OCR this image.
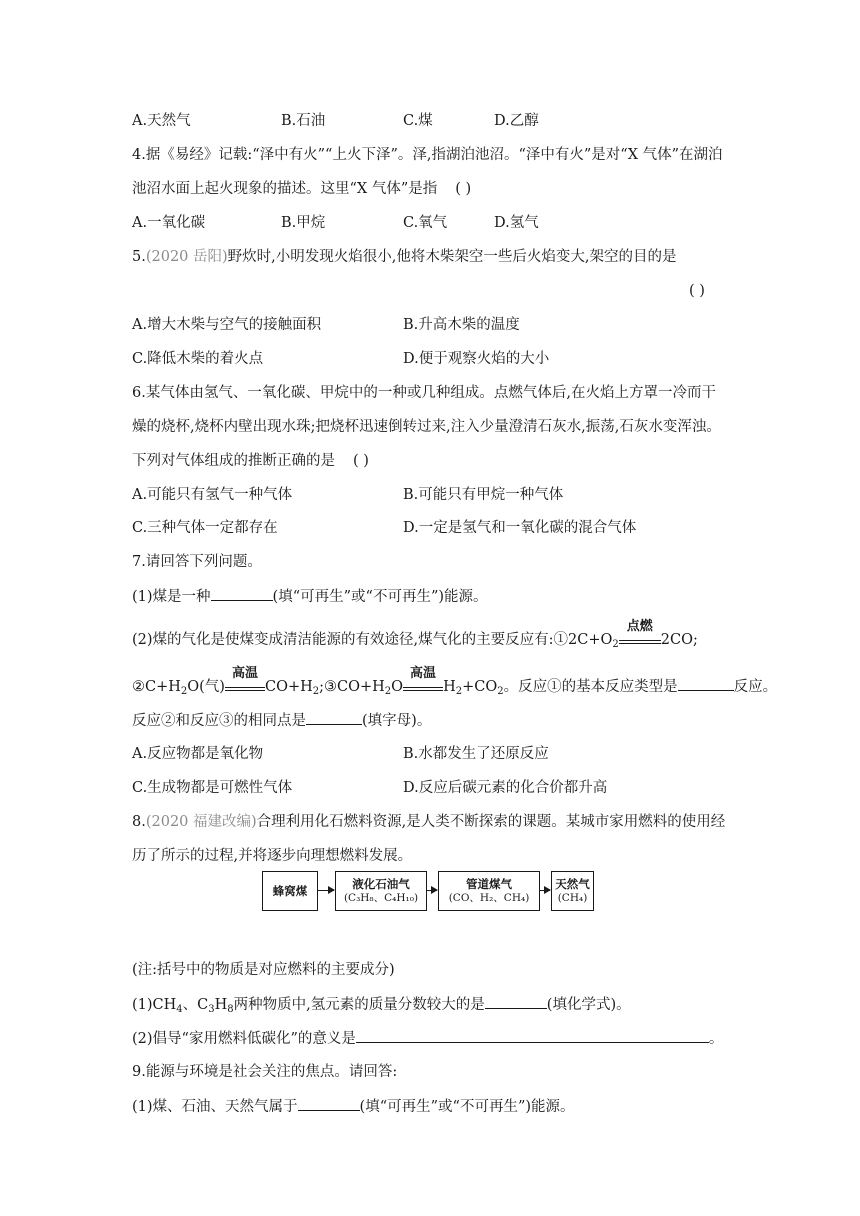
A.天然气	B.石油	C.煤	D.乙醇
4.据《易经》记载:“泽中有火”“上火下泽”。泽,指湖泊池沼。“泽中有火”是对“X 气体”在湖泊
池沼水面上起火现象的描述。这里“X 气体”是指 ( )
A.一氧化碳	B.甲烷	C.氧气	D.氢气
5.(2020 岳阳)野炊时,小明发现火焰很小,他将木柴架空一些后火焰变大,架空的目的是
( )
A.增大木柴与空气的接触面积	B.升高木柴的温度
C.降低木柴的着火点	D.便于观察火焰的大小
6.某气体由氢气、一氧化碳、甲烷中的一种或几种组成。点燃气体后,在火焰上方罩一冷而干
燥的烧杯,烧杯内壁出现水珠;把烧杯迅速倒转过来,注入少量澄清石灰水,振荡,石灰水变浑浊。
下列对气体组成的推断正确的是 ( )
A.可能只有氢气一种气体	B.可能只有甲烷一种气体
C.三种气体一定都存在	D.一定是氢气和一氧化碳的混合气体
7.请回答下列问题。
(1)煤是一种	(填“可再生”或“不可再生”)能源。
(2)煤的气化是使煤变成清洁能源的有效途径,煤气化的主要反应有$:①2C+O_2$
点燃
2CO;
$②C+H_2O$(气)
高温
$CO+H_2;③CO+H_2O$
高温
$H_2+CO_2$。反应①的基本反应类型是	反应。
反应②和反应③的相同点是	(填字母)。
A.反应物都是氧化物	B.水都发生了还原反应
C.生成物都是可燃性气体	D.反应后碳元素的化合价都升高
8.(2020 福建改编)合理利用化石燃料资源,是人类不断探索的课题。某城市家用燃料的使用经
历了所示的过程,并将逐步向理想燃料发展。
蜂窝煤	液化石油气
(C₃H₈、C₄H₁₀)
管道煤气
(CO、H₂、CH₄)
天然气
(CH₄)
(注:括号中的物质是对应燃料的主要成分)
$(1)CH_4$、$C_3H_8$两种物质中,氢元素的质量分数较大的是	(填化学式)。
(2)倡导“家用燃料低碳化”的意义是	。
9.能源与环境是社会关注的焦点。请回答:
(1)煤、石油、天然气属于	(填“可再生”或“不可再生”)能源。
